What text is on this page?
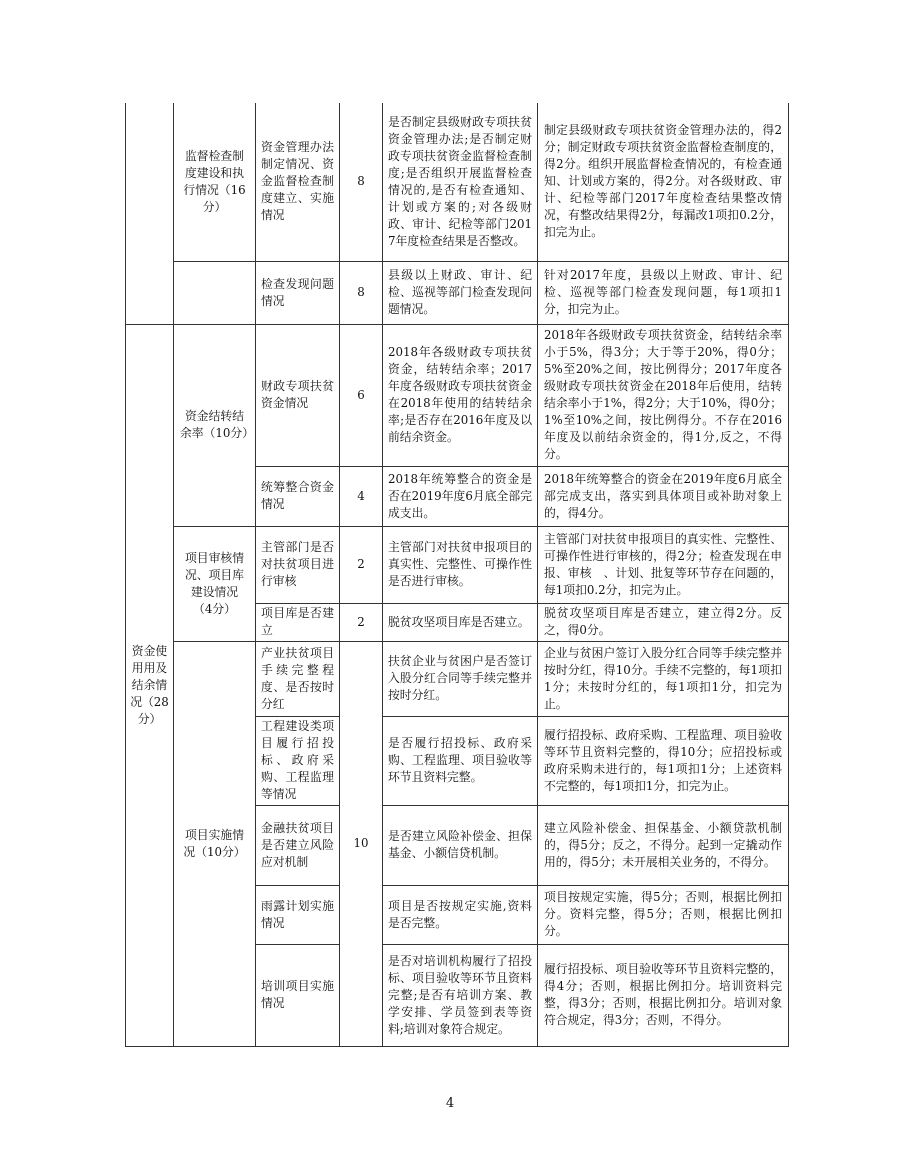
	监督检查制度建设和执行情况（16分）	资金管理办法制定情况、资金监督检查制度建立、实施情况	8	是否制定县级财政专项扶贫资金管理办法;是否制定财政专项扶贫资金监督检查制度;是否组织开展监督检查情况的,是否有检查通知、计划或方案的;对各级财政、审计、纪检等部门2017年度检查结果是否整改。	制定县级财政专项扶贫资金管理办法的，得2分；制定财政专项扶贫资金监督检查制度的，得2分。组织开展监督检查情况的，有检查通知、计划或方案的，得2分。对各级财政、审计、纪检等部门2017年度检查结果整改情况，有整改结果得2分，每漏改1项扣0.2分，扣完为止。
		检查发现问题情况	8	县级以上财政、审计、纪检、巡视等部门检查发现问题情况。	针对2017年度，县级以上财政、审计、纪检、巡视等部门检查发现问题，每1项扣1分，扣完为止。
资金使用用及结余情况（28分）	资金结转结余率（10分）	财政专项扶贫资金情况	6	2018年各级财政专项扶贫资金，结转结余率；2017年度各级财政专项扶贫资金在2018年使用的结转结余率;是否存在2016年度及以前结余资金。	2018年各级财政专项扶贫资金，结转结余率小于5%，得3分；大于等于20%，得0分；5%至20%之间，按比例得分；2017年度各级财政专项扶贫资金在2018年后使用，结转结余率小于1%，得2分；大于10%，得0分；1%至10%之间，按比例得分。不存在2016年度及以前结余资金的，得1分,反之，不得分。
		统筹整合资金情况	4	2018年统筹整合的资金是否在2019年度6月底全部完成支出。	2018年统筹整合的资金在2019年度6月底全部完成支出，落实到具体项目或补助对象上的，得4分。
	项目审核情况、项目库建设情况　（4分）	主管部门是否对扶贫项目进行审核	2	主管部门对扶贫申报项目的真实性、完整性、可操作性是否进行审核。	主管部门对扶贫申报项目的真实性、完整性、可操作性进行审核的，得2分；检查发现在申报、审核　、计划、批复等环节存在问题的，每1项扣0.2分，扣完为止。
		项目库是否建立	2	脱贫攻坚项目库是否建立。	脱贫攻坚项目库是否建立，建立得2分。反之，得0分。
	项目实施情况（10分）	产业扶贫项目手续完整程度、是否按时分红	10	扶贫企业与贫困户是否签订入股分红合同等手续完整并按时分红。	企业与贫困户签订入股分红合同等手续完整并按时分红，得10分。手续不完整的，每1项扣1分；未按时分红的，每1项扣1分，扣完为止。
		工程建设类项目履行招投标、政府采购、工程监理等情况		是否履行招投标、政府采购、工程监理、项目验收等环节且资料完整。	履行招投标、政府采购、工程监理、项目验收等环节且资料完整的，得10分；应招投标或政府采购未进行的，每1项扣1分；上述资料不完整的，每1项扣1分，扣完为止。
		金融扶贫项目是否建立风险应对机制		是否建立风险补偿金、担保基金、小额信贷机制。	建立风险补偿金、担保基金、小额贷款机制的，得5分；反之，不得分。起到一定撬动作用的，得5分；未开展相关业务的，不得分。
		雨露计划实施情况		项目是否按规定实施,资料是否完整。	项目按规定实施，得5分；否则，根据比例扣分。资料完整，得5分；否则，根据比例扣分。
		培训项目实施情况		是否对培训机构履行了招投标、项目验收等环节且资料完整;是否有培训方案、教学安排、学员签到表等资料;培训对象符合规定。	履行招投标、项目验收等环节且资料完整的，得4分；否则，根据比例扣分。培训资料完整，得3分；否则，根据比例扣分。培训对象符合规定，得3分；否则，不得分。
4
